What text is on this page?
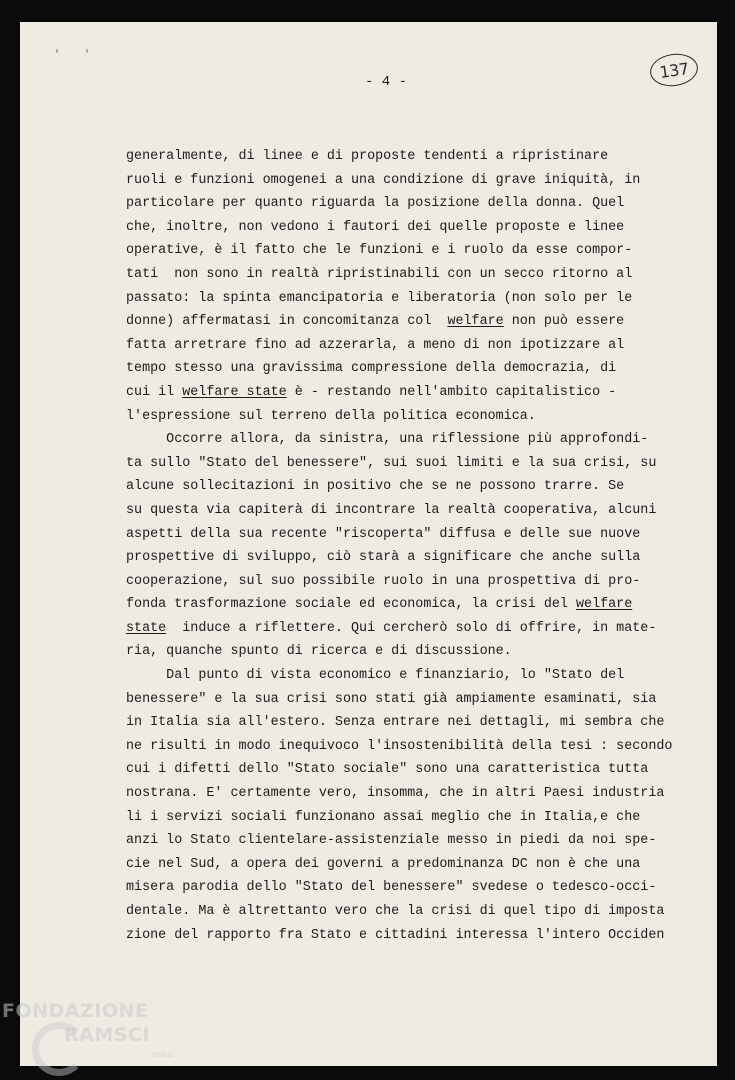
' '
- 4 -
137
generalmente, di linee e di proposte tendenti a ripristinare
ruoli e funzioni omogenei a una condizione di grave iniquità, in
particolare per quanto riguarda la posizione della donna. Quel
che, inoltre, non vedono i fautori dei quelle proposte e linee
operative, è il fatto che le funzioni e i ruolo da esse compor-
tati  non sono in realtà ripristinabili con un secco ritorno al
passato: la spinta emancipatoria e liberatoria (non solo per le
donne) affermatasi in concomitanza col  welfare non può essere
fatta arretrare fino ad azzerarla, a meno di non ipotizzare al
tempo stesso una gravissima compressione della democrazia, di
cui il welfare state è - restando nell'ambito capitalistico -
l'espressione sul terreno della politica economica.
Occorre allora, da sinistra, una riflessione più approfondi-
ta sullo "Stato del benessere", sui suoi limiti e la sua crisi, su
alcune sollecitazioni in positivo che se ne possono trarre. Se
su questa via capiterà di incontrare la realtà cooperativa, alcuni
aspetti della sua recente "riscoperta" diffusa e delle sue nuove
prospettive di sviluppo, ciò starà a significare che anche sulla
cooperazione, sul suo possibile ruolo in una prospettiva di pro-
fonda trasformazione sociale ed economica, la crisi del welfare
state  induce a riflettere. Qui cercherò solo di offrire, in mate-
ria, quanche spunto di ricerca e di discussione.
Dal punto di vista economico e finanziario, lo "Stato del
benessere" e la sua crisi sono stati già ampiamente esaminati, sia
in Italia sia all'estero. Senza entrare nei dettagli, mi sembra che
ne risulti in modo inequivoco l'insostenibilità della tesi : secondo
cui i difetti dello "Stato sociale" sono una caratteristica tutta
nostrana. E' certamente vero, insomma, che in altri Paesi industria
li i servizi sociali funzionano assai meglio che in Italia,e che
anzi lo Stato clientelare-assistenziale messo in piedi da noi spe-
cie nel Sud, a opera dei governi a predominanza DC non è che una
misera parodia dello "Stato del benessere" svedese o tedesco-occi-
dentale. Ma è altrettanto vero che la crisi di quel tipo di imposta
zione del rapporto fra Stato e cittadini interessa l'intero Occiden
FONDAZIONE
RAMSCI
onlus
